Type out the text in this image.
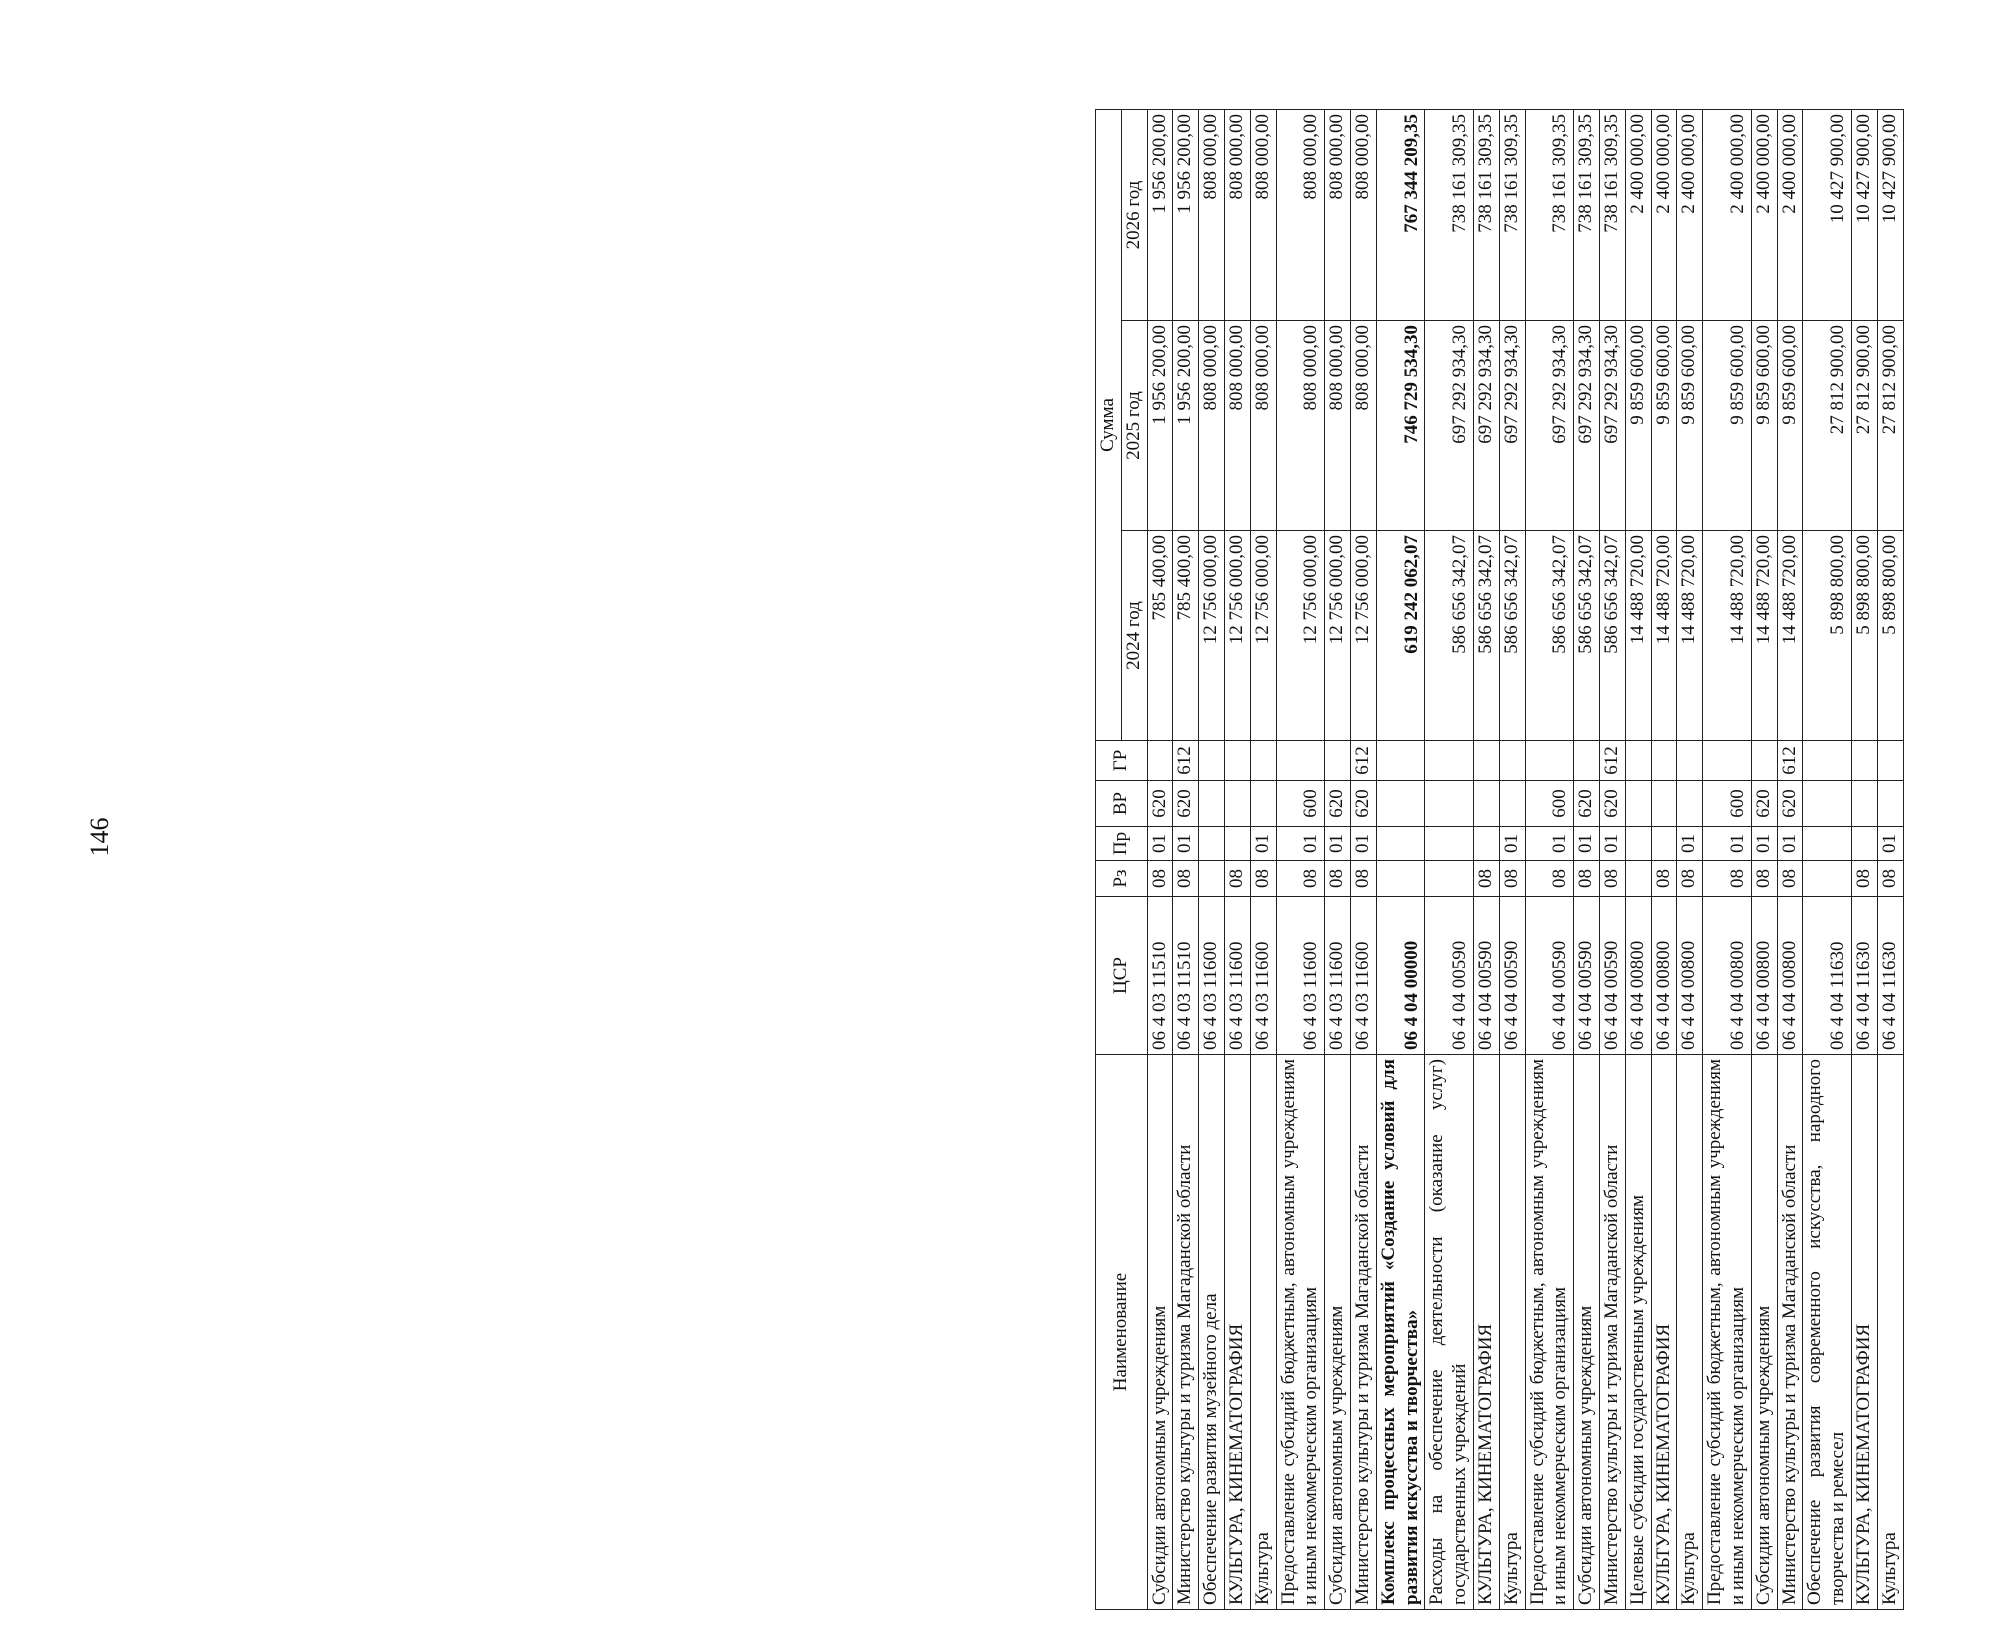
146
Наименование	ЦСР	Рз	Пр	ВР	ГР	Сумма		
						2024 год	2025 год	2026 год
Субсидии автономным учреждениям	06 4 03 11510	08	01	620		785 400,00	1 956 200,00	1 956 200,00
Министерство культуры и туризма Магаданской области	06 4 03 11510	08	01	620	612	785 400,00	1 956 200,00	1 956 200,00
Обеспечение развития музейного дела	06 4 03 11600					12 756 000,00	808 000,00	808 000,00
КУЛЬТУРА, КИНЕМАТОГРАФИЯ	06 4 03 11600	08				12 756 000,00	808 000,00	808 000,00
Культура	06 4 03 11600	08	01			12 756 000,00	808 000,00	808 000,00
Предоставление субсидий бюджетным, автономным учреждениям и иным некоммерческим организациям	06 4 03 11600	08	01	600		12 756 000,00	808 000,00	808 000,00
Субсидии автономным учреждениям	06 4 03 11600	08	01	620		12 756 000,00	808 000,00	808 000,00
Министерство культуры и туризма Магаданской области	06 4 03 11600	08	01	620	612	12 756 000,00	808 000,00	808 000,00
Комплекс процессных мероприятий «Создание условий для развития искусства и творчества»	06 4 04 00000					619 242 062,07	746 729 534,30	767 344 209,35
Расходы на обеспечение деятельности (оказание услуг) государственных учреждений	06 4 04 00590					586 656 342,07	697 292 934,30	738 161 309,35
КУЛЬТУРА, КИНЕМАТОГРАФИЯ	06 4 04 00590	08				586 656 342,07	697 292 934,30	738 161 309,35
Культура	06 4 04 00590	08	01			586 656 342,07	697 292 934,30	738 161 309,35
Предоставление субсидий бюджетным, автономным учреждениям и иным некоммерческим организациям	06 4 04 00590	08	01	600		586 656 342,07	697 292 934,30	738 161 309,35
Субсидии автономным учреждениям	06 4 04 00590	08	01	620		586 656 342,07	697 292 934,30	738 161 309,35
Министерство культуры и туризма Магаданской области	06 4 04 00590	08	01	620	612	586 656 342,07	697 292 934,30	738 161 309,35
Целевые субсидии государственным учреждениям	06 4 04 00800					14 488 720,00	9 859 600,00	2 400 000,00
КУЛЬТУРА, КИНЕМАТОГРАФИЯ	06 4 04 00800	08				14 488 720,00	9 859 600,00	2 400 000,00
Культура	06 4 04 00800	08	01			14 488 720,00	9 859 600,00	2 400 000,00
Предоставление субсидий бюджетным, автономным учреждениям и иным некоммерческим организациям	06 4 04 00800	08	01	600		14 488 720,00	9 859 600,00	2 400 000,00
Субсидии автономным учреждениям	06 4 04 00800	08	01	620		14 488 720,00	9 859 600,00	2 400 000,00
Министерство культуры и туризма Магаданской области	06 4 04 00800	08	01	620	612	14 488 720,00	9 859 600,00	2 400 000,00
Обеспечение развития современного искусства, народного творчества и ремесел	06 4 04 11630					5 898 800,00	27 812 900,00	10 427 900,00
КУЛЬТУРА, КИНЕМАТОГРАФИЯ	06 4 04 11630	08				5 898 800,00	27 812 900,00	10 427 900,00
Культура	06 4 04 11630	08	01			5 898 800,00	27 812 900,00	10 427 900,00
